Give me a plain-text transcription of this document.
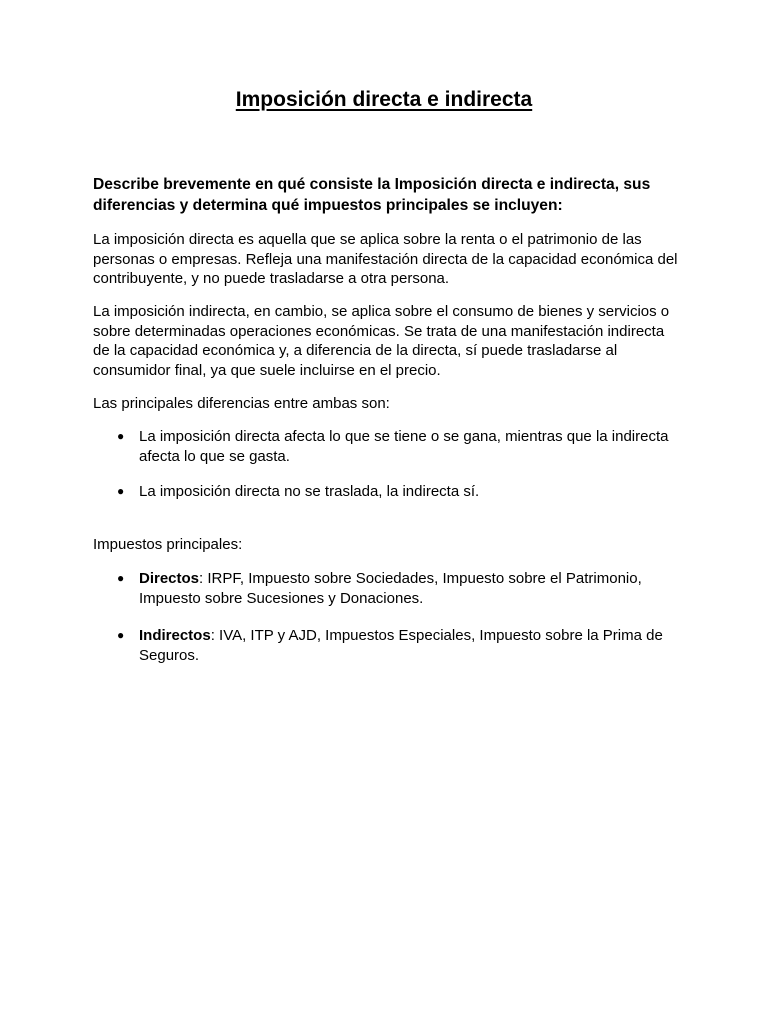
Imposición directa e indirecta

Describe brevemente en qué consiste la Imposición directa e indirecta, sus diferencias y determina qué impuestos principales se incluyen:

La imposición directa es aquella que se aplica sobre la renta o el patrimonio de las personas o empresas. Refleja una manifestación directa de la capacidad económica del contribuyente, y no puede trasladarse a otra persona.

La imposición indirecta, en cambio, se aplica sobre el consumo de bienes y servicios o sobre determinadas operaciones económicas. Se trata de una manifestación indirecta de la capacidad económica y, a diferencia de la directa, sí puede trasladarse al consumidor final, ya que suele incluirse en el precio.

Las principales diferencias entre ambas son:

● La imposición directa afecta lo que se tiene o se gana, mientras que la indirecta afecta lo que se gasta.
● La imposición directa no se traslada, la indirecta sí.

Impuestos principales:

● Directos: IRPF, Impuesto sobre Sociedades, Impuesto sobre el Patrimonio, Impuesto sobre Sucesiones y Donaciones.
● Indirectos: IVA, ITP y AJD, Impuestos Especiales, Impuesto sobre la Prima de Seguros.
